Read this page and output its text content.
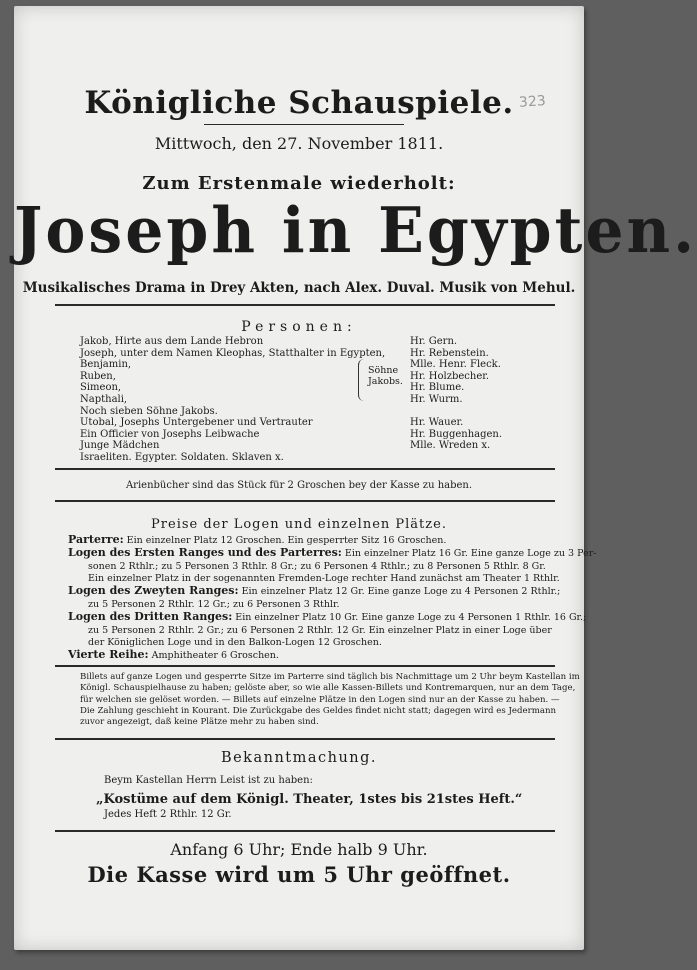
323
Königliche Schauspiele.
Mittwoch, den 27. November 1811.
Zum Erstenmale wiederholt:
Joseph in Egypten.
Musikalisches Drama in Drey Akten, nach Alex. Duval. Musik von Mehul.
Personen:
Jakob, Hirte aus dem Lande Hebron	Hr. Gern.
Joseph, unter dem Namen Kleophas, Statthalter in Egypten, Hr. Rebenstein.
Benjamin,	Mlle. Henr. Fleck.
Ruben,	Hr. Holzbecher.
Simeon,	Hr. Blume.
Napthali,	Hr. Wurm.
Noch sieben Söhne Jakobs.
Utobal, Josephs Untergebener und Vertrauter	Hr. Wauer.
Ein Officier von Josephs Leibwache	Hr. Buggenhagen.
Junge Mädchen	Mlle. Wreden x.
Israeliten. Egypter. Soldaten. Sklaven x.
Söhne
Jakobs.
Arienbücher sind das Stück für 2 Groschen bey der Kasse zu haben.
Preise der Logen und einzelnen Plätze.
Parterre: Ein einzelner Platz 12 Groschen. Ein gesperrter Sitz 16 Groschen.
Logen des Ersten Ranges und des Parterres: Ein einzelner Platz 16 Gr. Eine ganze Loge zu 3 Per-
sonen 2 Rthlr.; zu 5 Personen 3 Rthlr. 8 Gr.; zu 6 Personen 4 Rthlr.; zu 8 Personen 5 Rthlr. 8 Gr.
Ein einzelner Platz in der sogenannten Fremden-Loge rechter Hand zunächst am Theater 1 Rthlr.
Logen des Zweyten Ranges: Ein einzelner Platz 12 Gr. Eine ganze Loge zu 4 Personen 2 Rthlr.;
zu 5 Personen 2 Rthlr. 12 Gr.; zu 6 Personen 3 Rthlr.
Logen des Dritten Ranges: Ein einzelner Platz 10 Gr. Eine ganze Loge zu 4 Personen 1 Rthlr. 16 Gr.;
zu 5 Personen 2 Rthlr. 2 Gr.; zu 6 Personen 2 Rthlr. 12 Gr. Ein einzelner Platz in einer Loge über
der Königlichen Loge und in den Balkon-Logen 12 Groschen.
Vierte Reihe: Amphitheater 6 Groschen.
Billets auf ganze Logen und gesperrte Sitze im Parterre sind täglich bis Nachmittage um 2 Uhr beym Kastellan im
Königl. Schauspielhause zu haben; gelöste aber, so wie alle Kassen-Billets und Kontremarquen, nur an dem Tage,
für welchen sie gelöset worden. — Billets auf einzelne Plätze in den Logen sind nur an der Kasse zu haben. —
Die Zahlung geschieht in Kourant. Die Zurückgabe des Geldes findet nicht statt; dagegen wird es Jedermann
zuvor angezeigt, daß keine Plätze mehr zu haben sind.
Bekanntmachung.
Beym Kastellan Herrn Leist ist zu haben:
„Kostüme auf dem Königl. Theater, 1stes bis 21stes Heft.“
Jedes Heft 2 Rthlr. 12 Gr.
Anfang 6 Uhr; Ende halb 9 Uhr.
Die Kasse wird um 5 Uhr geöffnet.
